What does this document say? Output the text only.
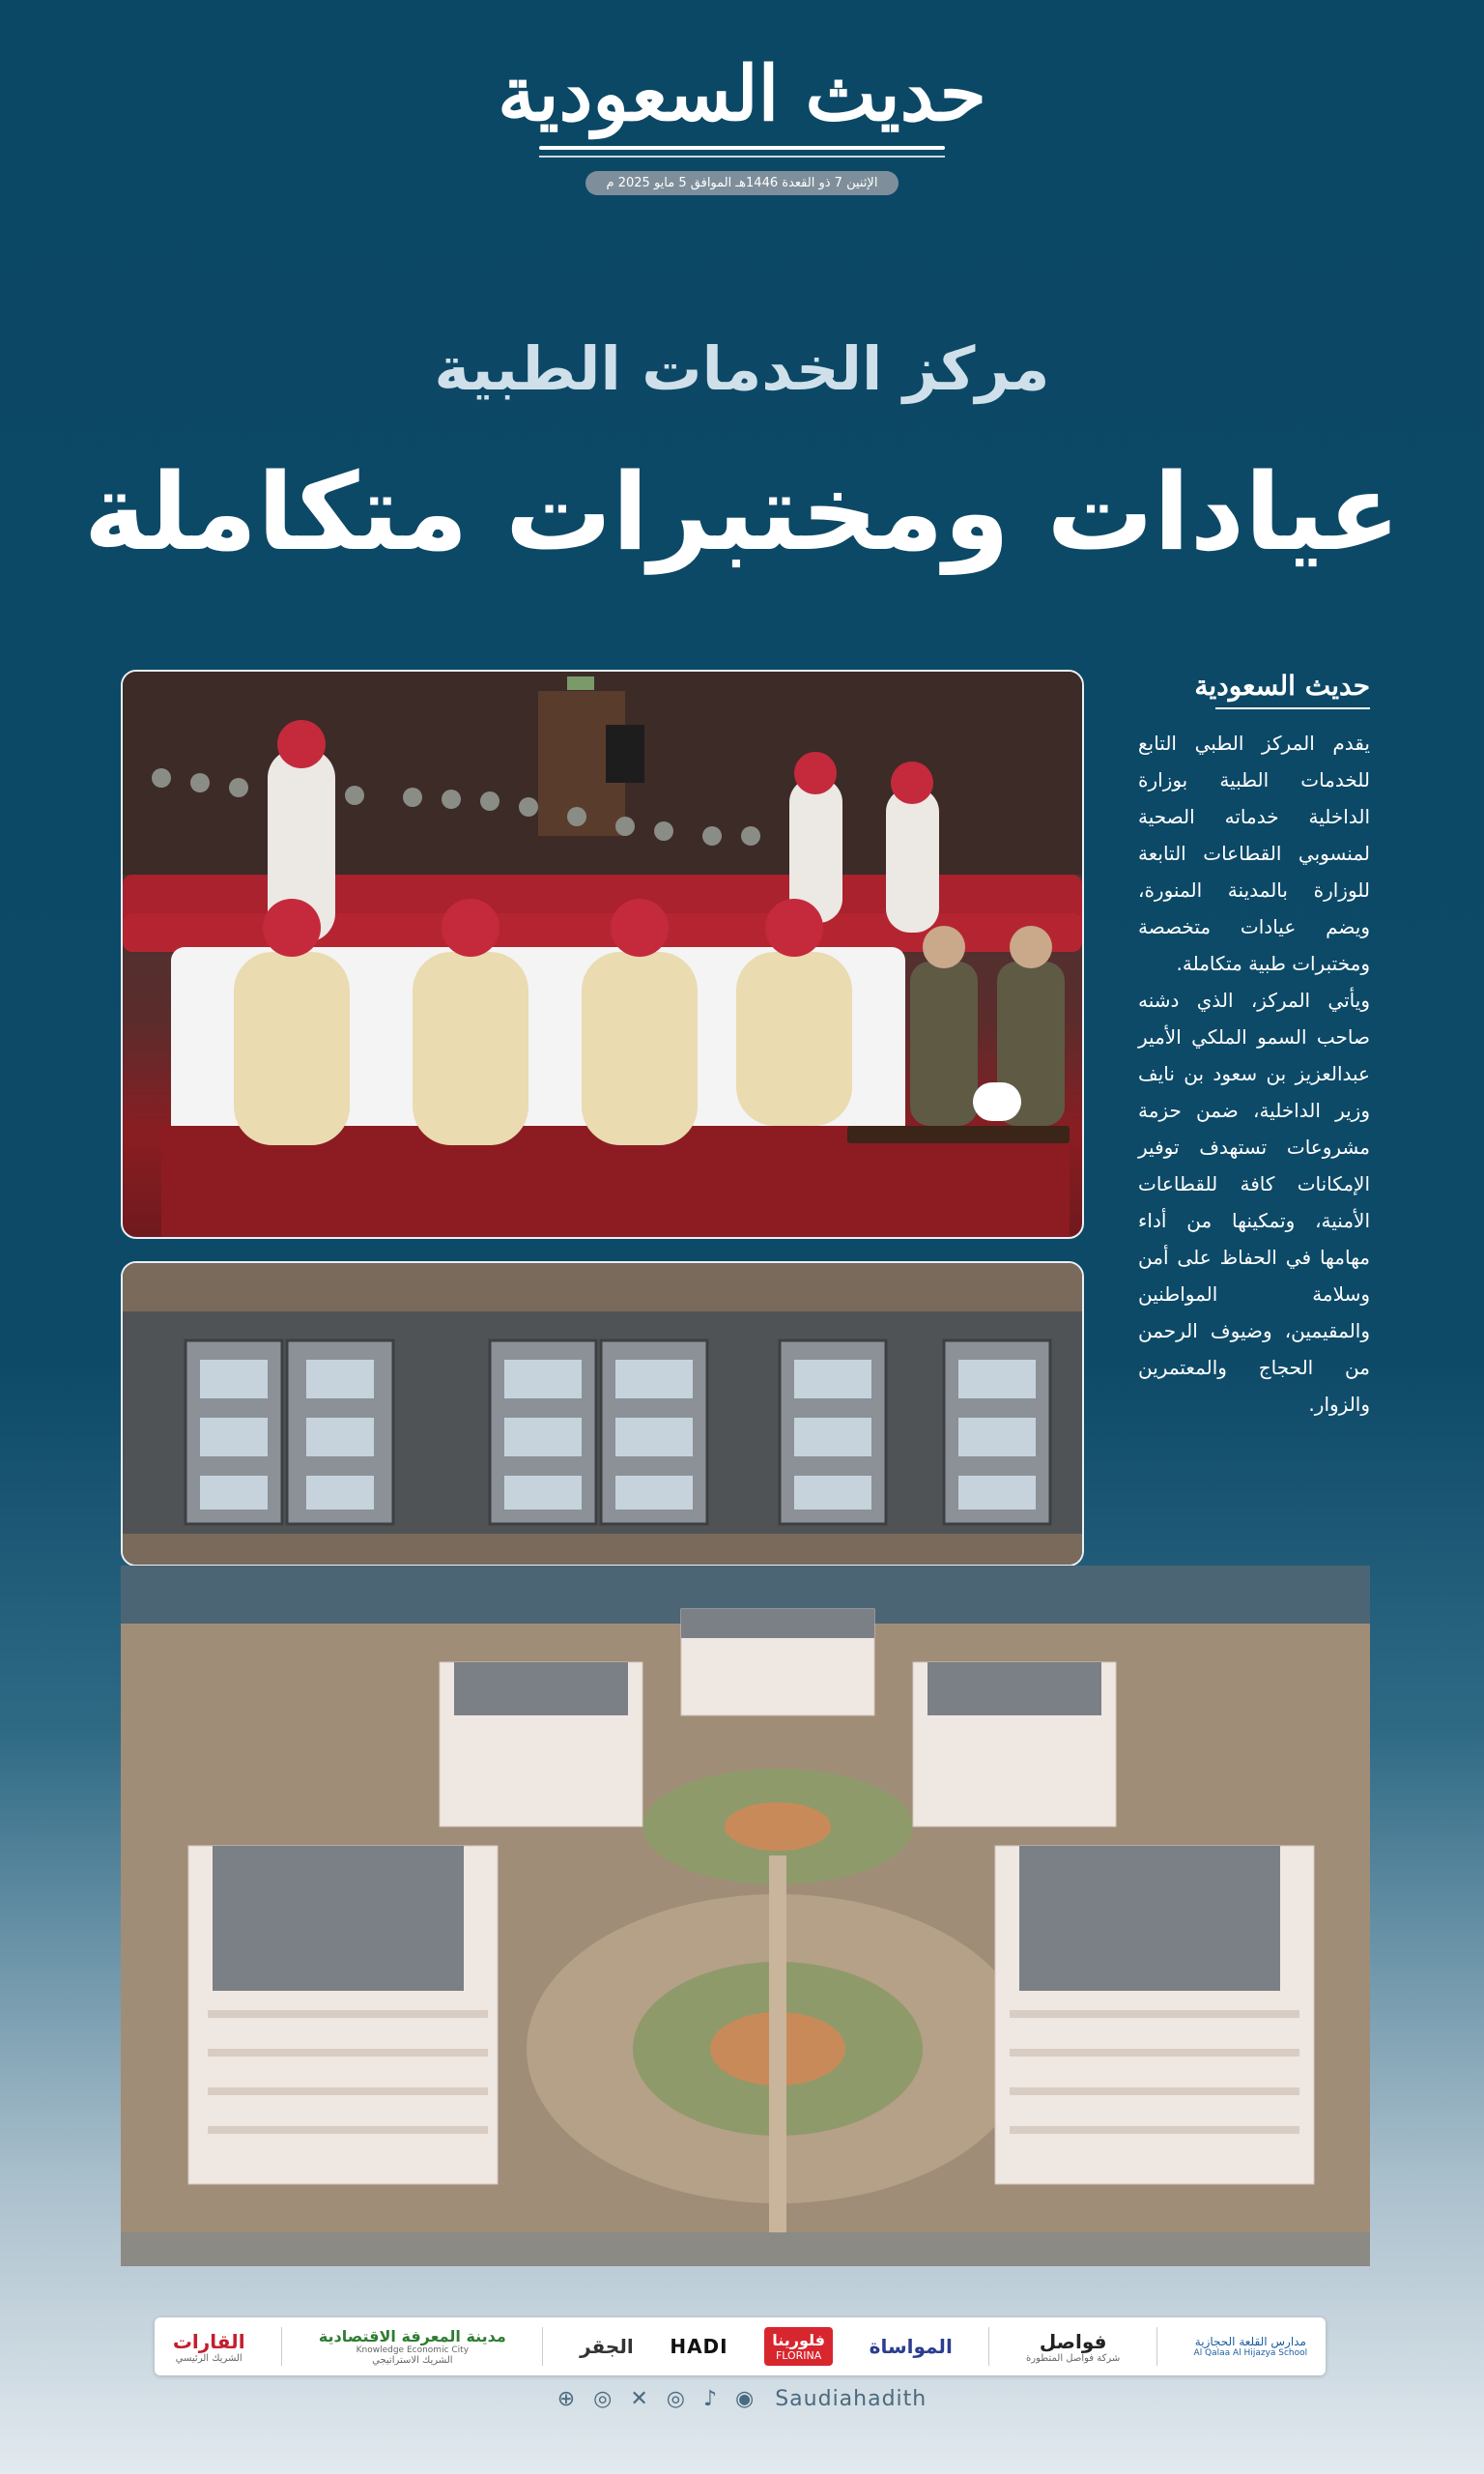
حديث السعودية
الإثنين 7 ذو القعدة 1446هـ الموافق 5 مايو 2025 م
مركز الخدمات الطبية
عيادات ومختبرات متكاملة
حديث السعودية

يقدم المركز الطبي التابع للخدمات الطبية بوزارة الداخلية خدماته الصحية لمنسوبي القطاعات التابعة للوزارة بالمدينة المنورة، ويضم عيادات متخصصة ومختبرات طبية متكاملة.

ويأتي المركز، الذي دشنه صاحب السمو الملكي الأمير عبدالعزيز بن سعود بن نايف وزير الداخلية، ضمن حزمة مشروعات تستهدف توفير الإمكانات كافة للقطاعات الأمنية، وتمكينها من أداء مهامها في الحفاظ على أمن وسلامة المواطنين والمقيمين، وضيوف الرحمن من الحجاج والمعتمرين والزوار.

القارات
الشريك الرئيسي
مدينة المعرفة الاقتصادية
Knowledge Economic City
الشريك الاستراتيجي
الجقر HADI	فلورينا
FLORINA المواساة	فواصل
شركة فواصل المتطورة
مدارس القلعة الحجازية
Al Qalaa Al Hijazya School
⊕ ◎ ✕ ◎ ♪ ◉ Saudiahadith
